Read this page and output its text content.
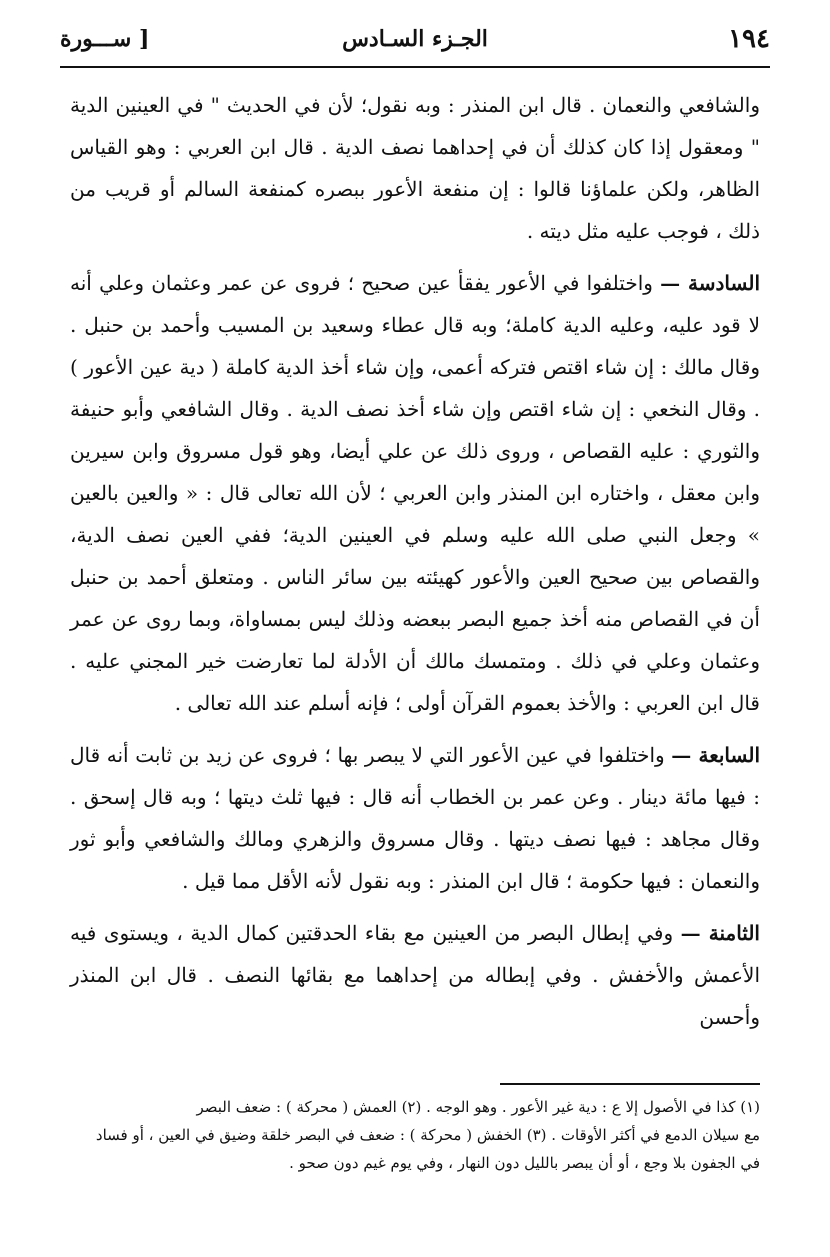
١٩٤
الجـزء السـادس
[ ســـورة

والشافعي والنعمان . قال ابن المنذر : وبه نقول؛ لأن في الحديث " في العينين الدية " ومعقول إذا كان كذلك أن في إحداهما نصف الدية . قال ابن العربي : وهو القياس الظاهر، ولكن علماؤنا قالوا : إن منفعة الأعور ببصره كمنفعة السالم أو قريب من ذلك ، فوجب عليه مثل ديته .

السادسة — واختلفوا في الأعور يفقأ عين صحيح ؛ فروى عن عمر وعثمان وعلي أنه لا قود عليه، وعليه الدية كاملة؛ وبه قال عطاء وسعيد بن المسيب وأحمد بن حنبل . وقال مالك : إن شاء اقتص فتركه أعمى، وإن شاء أخذ الدية كاملة ( دية عين الأعور ) . وقال النخعي : إن شاء اقتص وإن شاء أخذ نصف الدية . وقال الشافعي وأبو حنيفة والثوري : عليه القصاص ، وروى ذلك عن علي أيضا، وهو قول مسروق وابن سيرين وابن معقل ، واختاره ابن المنذر وابن العربي ؛ لأن الله تعالى قال : « والعين بالعين » وجعل النبي صلى الله عليه وسلم في العينين الدية؛ ففي العين نصف الدية، والقصاص بين صحيح العين والأعور كهيئته بين سائر الناس . ومتعلق أحمد بن حنبل أن في القصاص منه أخذ جميع البصر ببعضه وذلك ليس بمساواة، وبما روى عن عمر وعثمان وعلي في ذلك . ومتمسك مالك أن الأدلة لما تعارضت خير المجني عليه . قال ابن العربي : والأخذ بعموم القرآن أولى ؛ فإنه أسلم عند الله تعالى .

السابعة — واختلفوا في عين الأعور التي لا يبصر بها ؛ فروى عن زيد بن ثابت أنه قال : فيها مائة دينار . وعن عمر بن الخطاب أنه قال : فيها ثلث ديتها ؛ وبه قال إسحق . وقال مجاهد : فيها نصف ديتها . وقال مسروق والزهري ومالك والشافعي وأبو ثور والنعمان : فيها حكومة ؛ قال ابن المنذر : وبه نقول لأنه الأقل مما قيل .

الثامنة — وفي إبطال البصر من العينين مع بقاء الحدقتين كمال الدية ، ويستوى فيه الأعمش والأخفش . وفي إبطاله من إحداهما مع بقائها النصف . قال ابن المنذر وأحسن

(١) كذا في الأصول إلا ع : دية غير الأعور . وهو الوجه . (٢) العمش ( محركة ) : ضعف البصر

مع سيلان الدمع في أكثر الأوقات . (٣) الخفش ( محركة ) : ضعف في البصر خلقة وضيق في العين ، أو فساد

في الجفون بلا وجع ، أو أن يبصر بالليل دون النهار ، وفي يوم غيم دون صحو .
